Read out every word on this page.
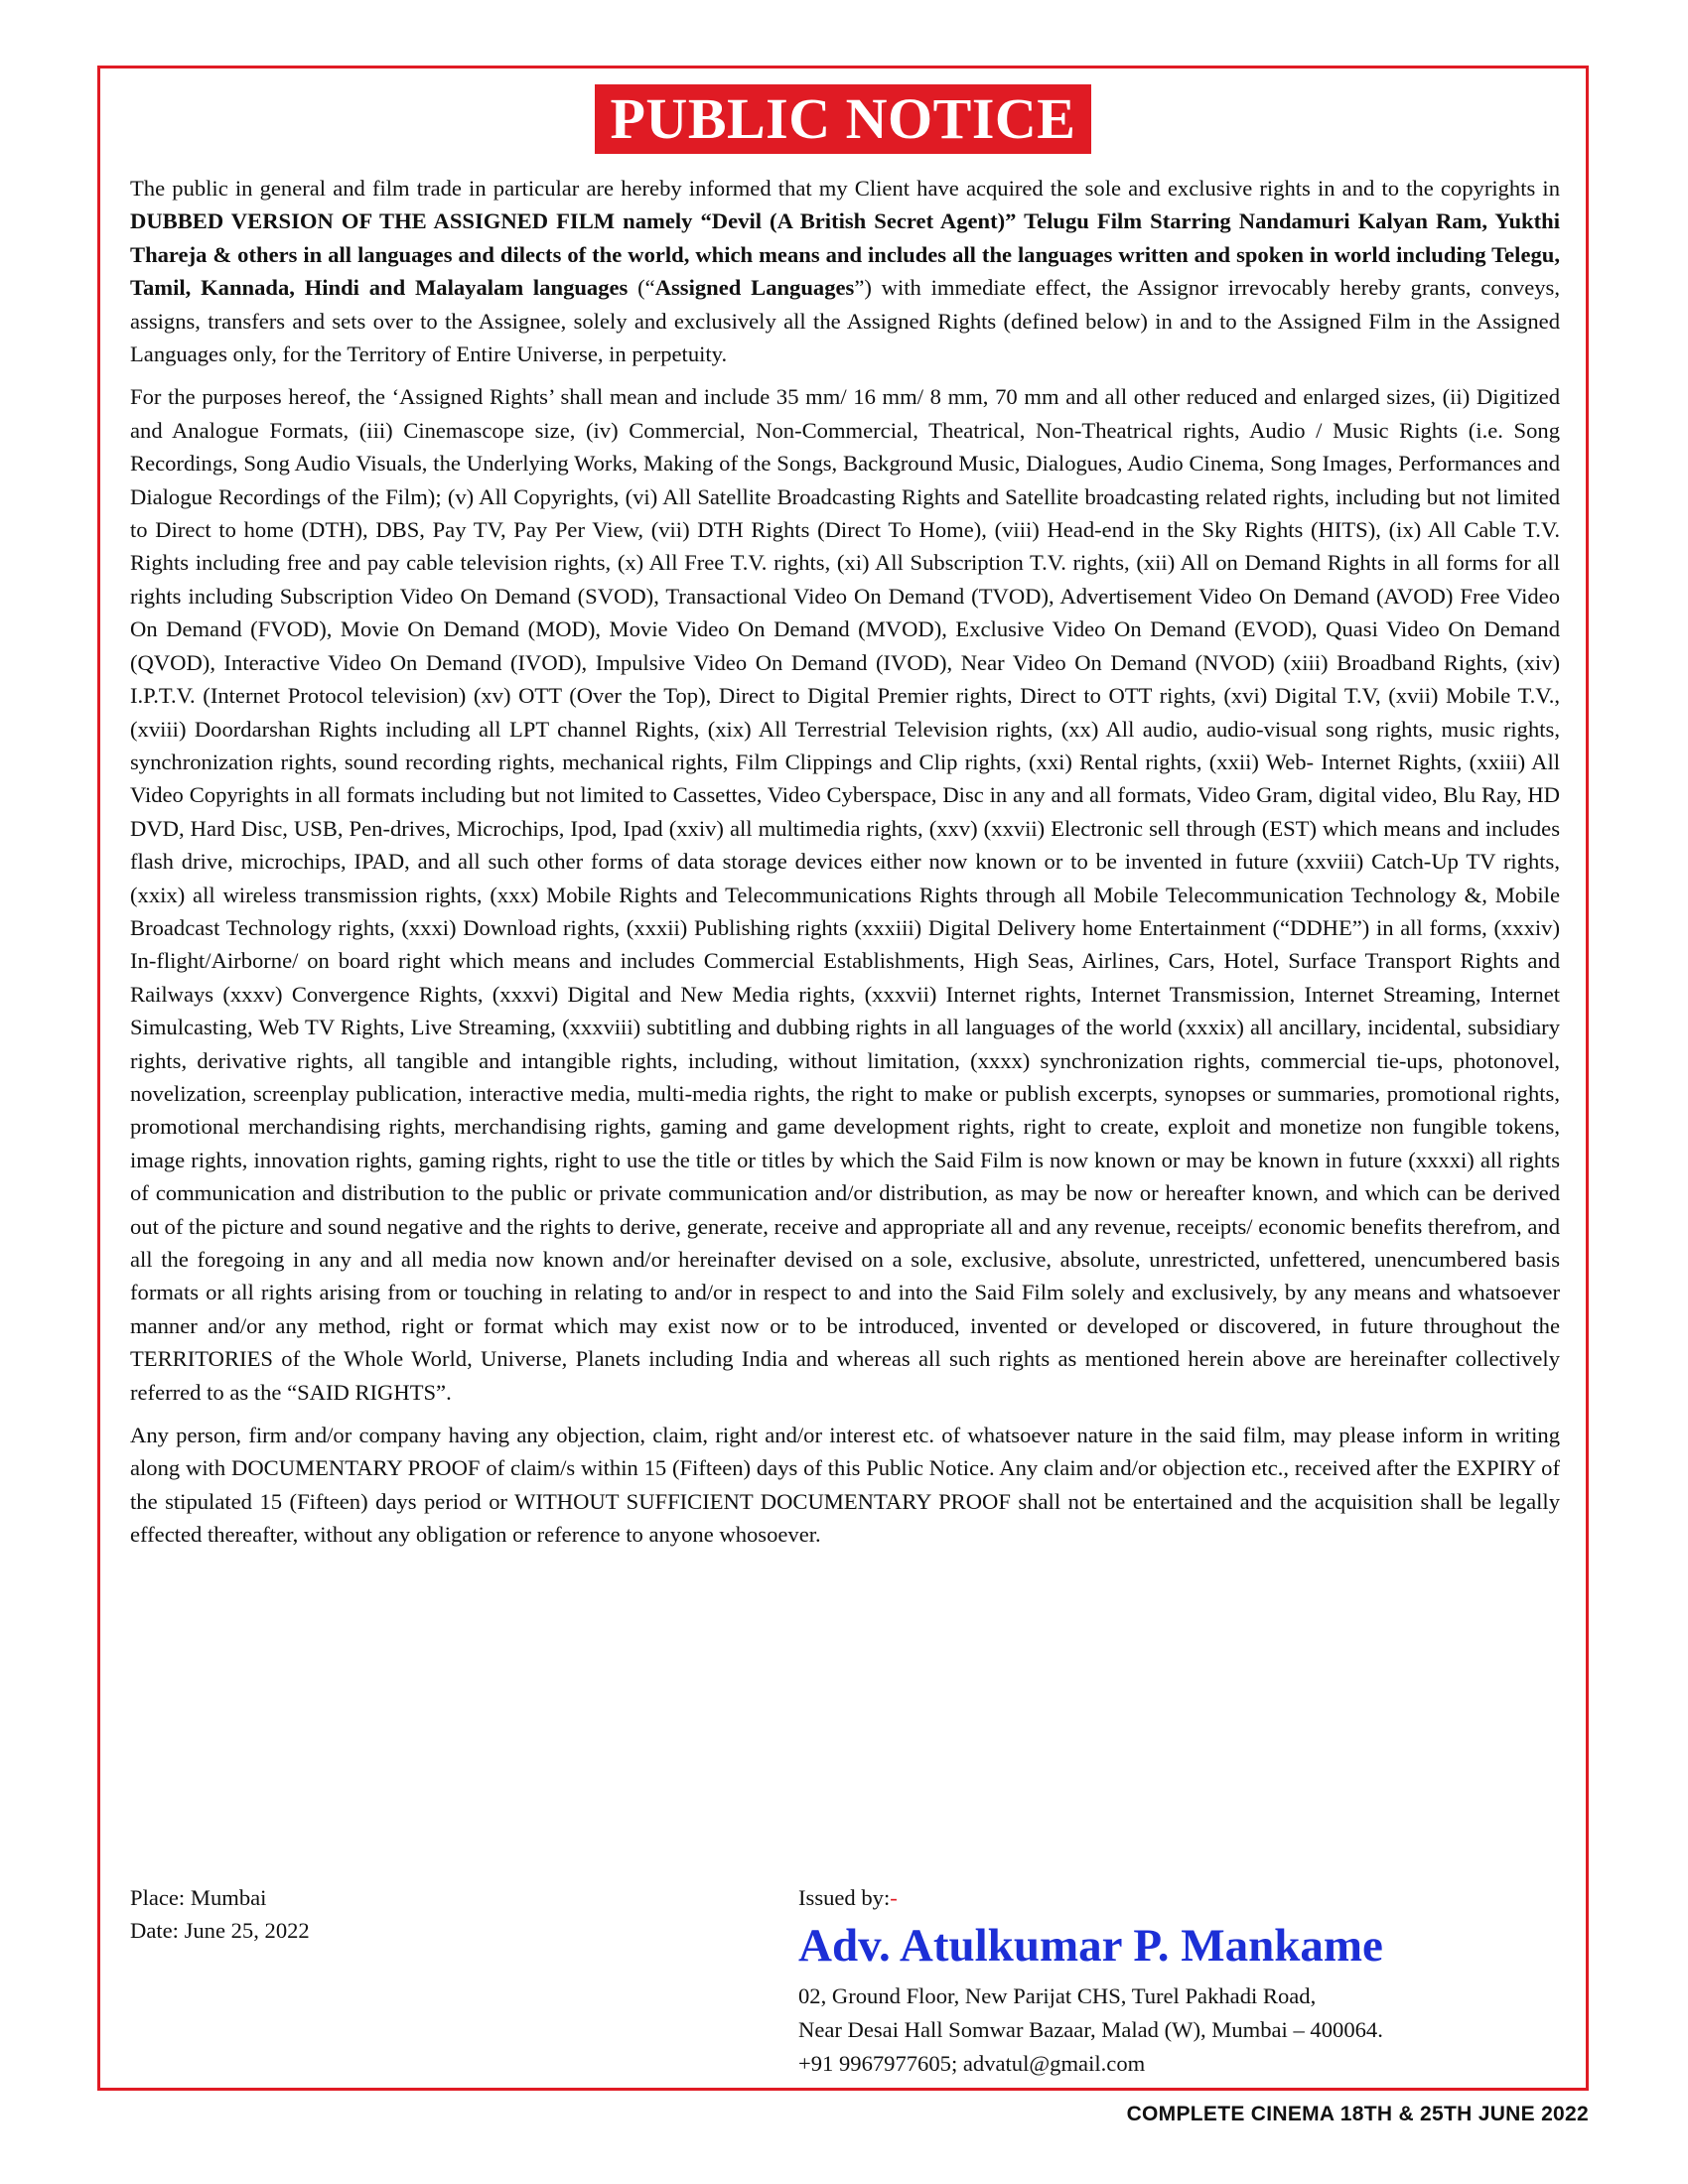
PUBLIC NOTICE

The public in general and film trade in particular are hereby informed that my Client have acquired the sole and exclusive rights in and to the copyrights in DUBBED VERSION OF THE ASSIGNED FILM namely “Devil (A British Secret Agent)” Telugu Film Starring Nandamuri Kalyan Ram, Yukthi Thareja & others in all languages and dilects of the world, which means and includes all the languages written and spoken in world including Telegu, Tamil, Kannada, Hindi and Malayalam languages (“Assigned Languages”) with immediate effect, the Assignor irrevocably hereby grants, conveys, assigns, transfers and sets over to the Assignee, solely and exclusively all the Assigned Rights (defined below) in and to the Assigned Film in the Assigned Languages only, for the Territory of Entire Universe, in perpetuity.

For the purposes hereof, the ‘Assigned Rights’ shall mean and include 35 mm/ 16 mm/ 8 mm, 70 mm and all other reduced and enlarged sizes, (ii) Digitized and Analogue Formats, (iii) Cinemascope size, (iv) Commercial, Non-Commercial, Theatrical, Non-Theatrical rights, Audio / Music Rights (i.e. Song Recordings, Song Audio Visuals, the Underlying Works, Making of the Songs, Background Music, Dialogues, Audio Cinema, Song Images, Performances and Dialogue Recordings of the Film); (v) All Copyrights, (vi) All Satellite Broadcasting Rights and Satellite broadcasting related rights, including but not limited to Direct to home (DTH), DBS, Pay TV, Pay Per View, (vii) DTH Rights (Direct To Home), (viii) Head-end in the Sky Rights (HITS), (ix) All Cable T.V. Rights including free and pay cable television rights, (x) All Free T.V. rights, (xi) All Subscription T.V. rights, (xii) All on Demand Rights in all forms for all rights including Subscription Video On Demand (SVOD), Transactional Video On Demand (TVOD), Advertisement Video On Demand (AVOD) Free Video On Demand (FVOD), Movie On Demand (MOD), Movie Video On Demand (MVOD), Exclusive Video On Demand (EVOD), Quasi Video On Demand (QVOD), Interactive Video On Demand (IVOD), Impulsive Video On Demand (IVOD), Near Video On Demand (NVOD) (xiii) Broadband Rights, (xiv) I.P.T.V. (Internet Protocol television) (xv) OTT (Over the Top), Direct to Digital Premier rights, Direct to OTT rights, (xvi) Digital T.V, (xvii) Mobile T.V., (xviii) Doordarshan Rights including all LPT channel Rights, (xix) All Terrestrial Television rights, (xx) All audio, audio-visual song rights, music rights, synchronization rights, sound recording rights, mechanical rights, Film Clippings and Clip rights, (xxi) Rental rights, (xxii) Web- Internet Rights, (xxiii) All Video Copyrights in all formats including but not limited to Cassettes, Video Cyberspace, Disc in any and all formats, Video Gram, digital video, Blu Ray, HD DVD, Hard Disc, USB, Pen-drives, Microchips, Ipod, Ipad (xxiv) all multimedia rights, (xxv) (xxvii) Electronic sell through (EST) which means and includes flash drive, microchips, IPAD, and all such other forms of data storage devices either now known or to be invented in future (xxviii) Catch-Up TV rights, (xxix) all wireless transmission rights, (xxx) Mobile Rights and Telecommunications Rights through all Mobile Telecommunication Technology &, Mobile Broadcast Technology rights, (xxxi) Download rights, (xxxii) Publishing rights (xxxiii) Digital Delivery home Entertainment (“DDHE”) in all forms, (xxxiv) In-flight/Airborne/ on board right which means and includes Commercial Establishments, High Seas, Airlines, Cars, Hotel, Surface Transport Rights and Railways (xxxv) Convergence Rights, (xxxvi) Digital and New Media rights, (xxxvii) Internet rights, Internet Transmission, Internet Streaming, Internet Simulcasting, Web TV Rights, Live Streaming, (xxxviii) subtitling and dubbing rights in all languages of the world (xxxix) all ancillary, incidental, subsidiary rights, derivative rights, all tangible and intangible rights, including, without limitation, (xxxx) synchronization rights, commercial tie-ups, photonovel, novelization, screenplay publication, interactive media, multi-media rights, the right to make or publish excerpts, synopses or summaries, promotional rights, promotional merchandising rights, merchandising rights, gaming and game development rights, right to create, exploit and monetize non fungible tokens, image rights, innovation rights, gaming rights, right to use the title or titles by which the Said Film is now known or may be known in future (xxxxi) all rights of communication and distribution to the public or private communication and/or distribution, as may be now or hereafter known, and which can be derived out of the picture and sound negative and the rights to derive, generate, receive and appropriate all and any revenue, receipts/ economic benefits therefrom, and all the foregoing in any and all media now known and/or hereinafter devised on a sole, exclusive, absolute, unrestricted, unfettered, unencumbered basis formats or all rights arising from or touching in relating to and/or in respect to and into the Said Film solely and exclusively, by any means and whatsoever manner and/or any method, right or format which may exist now or to be introduced, invented or developed or discovered, in future throughout the TERRITORIES of the Whole World, Universe, Planets including India and whereas all such rights as mentioned herein above are hereinafter collectively referred to as the “SAID RIGHTS”.

Any person, firm and/or company having any objection, claim, right and/or interest etc. of whatsoever nature in the said film, may please inform in writing along with DOCUMENTARY PROOF of claim/s within 15 (Fifteen) days of this Public Notice. Any claim and/or objection etc., received after the EXPIRY of the stipulated 15 (Fifteen) days period or WITHOUT SUFFICIENT DOCUMENTARY PROOF shall not be entertained and the acquisition shall be legally effected thereafter, without any obligation or reference to anyone whosoever.

Place: Mumbai
Date: June 25, 2022
Issued by:-
Adv. Atulkumar P. Mankame
02, Ground Floor, New Parijat CHS, Turel Pakhadi Road,
Near Desai Hall Somwar Bazaar, Malad (W), Mumbai – 400064.
+91 9967977605; advatul@gmail.com
COMPLETE CINEMA 18TH & 25TH JUNE 2022
